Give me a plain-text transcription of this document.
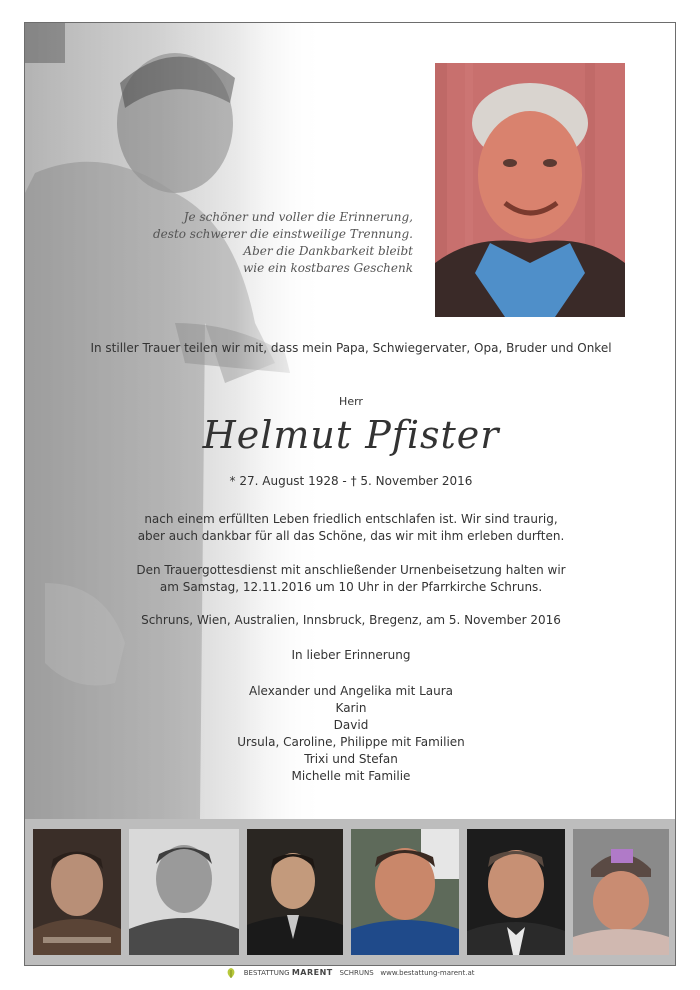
Je schöner und voller die Erinnerung,
desto schwerer die einstweilige Trennung.
Aber die Dankbarkeit bleibt
wie ein kostbares Geschenk
In stiller Trauer teilen wir mit, dass mein Papa, Schwiegervater, Opa, Bruder und Onkel
Herr
Helmut Pfister
* 27. August 1928 - † 5. November 2016
nach einem erfüllten Leben friedlich entschlafen ist. Wir sind traurig,
aber auch dankbar für all das Schöne, das wir mit ihm erleben durften.
Den Trauergottesdienst mit anschließender Urnenbeisetzung halten wir
am Samstag, 12.11.2016 um 10 Uhr in der Pfarrkirche Schruns.
Schruns, Wien, Australien, Innsbruck, Bregenz, am 5. November 2016
In lieber Erinnerung
Alexander und Angelika mit Laura
Karin
David
Ursula, Caroline, Philippe mit Familien
Trixi und Stefan
Michelle mit Familie
BESTATTUNG MARENT SCHRUNS www.bestattung-marent.at
